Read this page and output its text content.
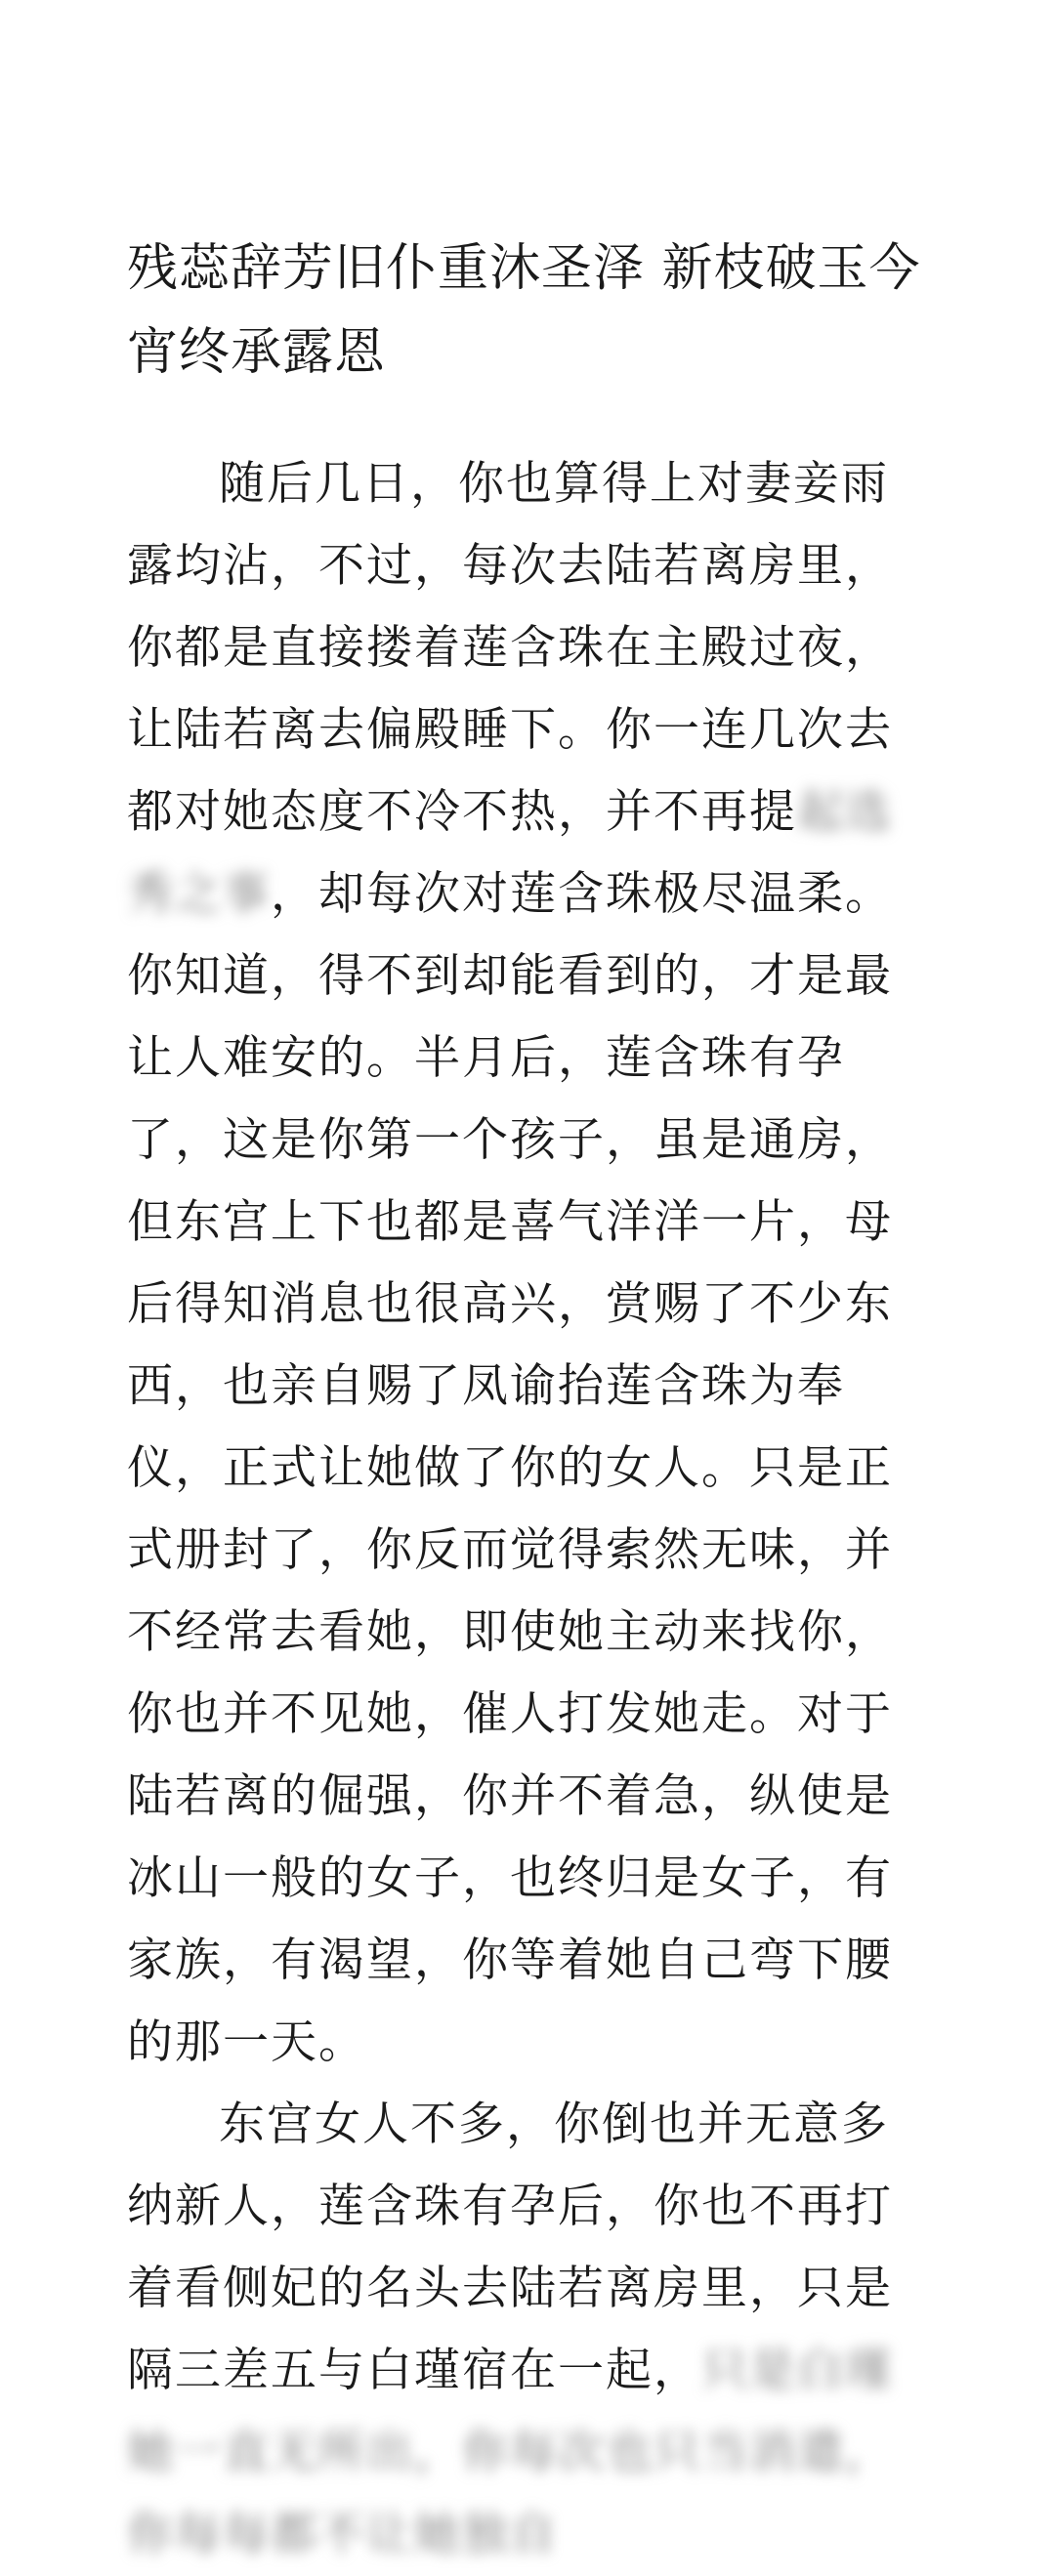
残蕊辞芳旧仆重沐圣泽 新枝破玉今宵终承露恩

随后几日，你也算得上对妻妾雨露均沾，不过，每次去陆若离房里，你都是直接搂着莲含珠在主殿过夜，让陆若离去偏殿睡下。你一连几次去都对她态度不冷不热，并不再提起选秀之事，却每次对莲含珠极尽温柔。你知道，得不到却能看到的，才是最让人难安的。半月后，莲含珠有孕了，这是你第一个孩子，虽是通房，但东宫上下也都是喜气洋洋一片，母后得知消息也很高兴，赏赐了不少东西，也亲自赐了凤谕抬莲含珠为奉仪，正式让她做了你的女人。只是正式册封了，你反而觉得索然无味，并不经常去看她，即使她主动来找你，你也并不见她，催人打发她走。对于陆若离的倔强，你并不着急，纵使是冰山一般的女子，也终归是女子，有家族，有渴望，你等着她自己弯下腰的那一天。

东宫女人不多，你倒也并无意多纳新人，莲含珠有孕后，你也不再打着看侧妃的名头去陆若离房里，只是隔三差五与白瑾宿在一起，只是白瑾她一直无所出，你每次也只当消遣，你每每都不让她独自
